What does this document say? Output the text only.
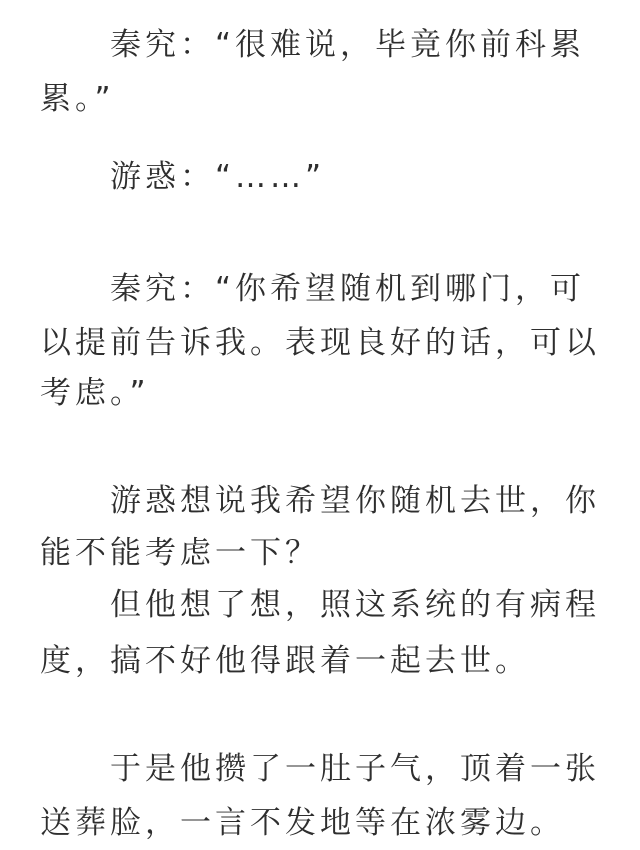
秦究：“很难说，毕竟你前科累
累。”
游惑：“……”
秦究：“你希望随机到哪门，可
以提前告诉我。表现良好的话，可以
考虑。”
游惑想说我希望你随机去世，你
能不能考虑一下？
但他想了想，照这系统的有病程
度，搞不好他得跟着一起去世。
于是他攒了一肚子气，顶着一张
送葬脸，一言不发地等在浓雾边。
